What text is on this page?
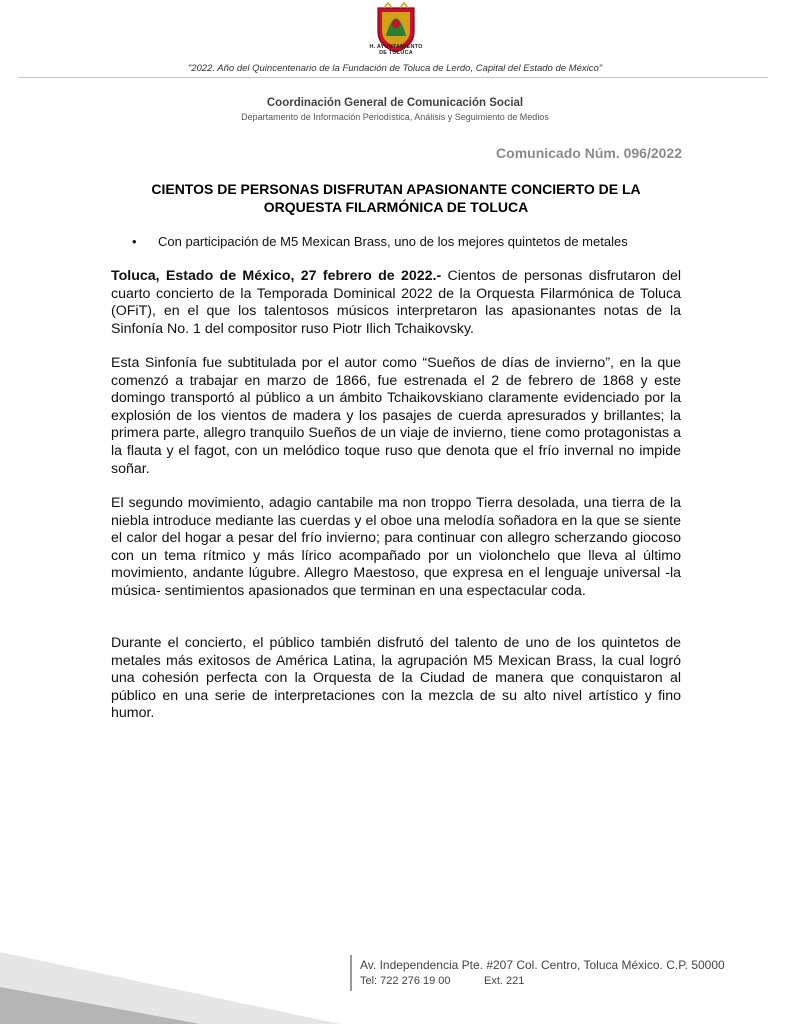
H. AYUNTAMIENTO
DE TOLUCA
"2022. Año del Quincentenario de la Fundación de Toluca de Lerdo, Capital del Estado de México"
Coordinación General de Comunicación Social
Departamento de Información Periodística, Análisis y Seguimiento de Medios
Comunicado Núm. 096/2022
CIENTOS DE PERSONAS DISFRUTAN APASIONANTE CONCIERTO DE LA
ORQUESTA FILARMÓNICA DE TOLUCA
• Con participación de M5 Mexican Brass, uno de los mejores quintetos de metales
Toluca, Estado de México, 27 febrero de 2022.- Cientos de personas disfrutaron del cuarto concierto de la Temporada Dominical 2022 de la Orquesta Filarmónica de Toluca (OFiT), en el que los talentosos músicos interpretaron las apasionantes notas de la Sinfonía No. 1 del compositor ruso Piotr Ilich Tchaikovsky.
Esta Sinfonía fue subtitulada por el autor como “Sueños de días de invierno”, en la que comenzó a trabajar en marzo de 1866, fue estrenada el 2 de febrero de 1868 y este domingo transportó al público a un ámbito Tchaikovskiano claramente evidenciado por la explosión de los vientos de madera y los pasajes de cuerda apresurados y brillantes; la primera parte, allegro tranquilo Sueños de un viaje de invierno, tiene como protagonistas a la flauta y el fagot, con un melódico toque ruso que denota que el frío invernal no impide soñar.
El segundo movimiento, adagio cantabile ma non troppo Tierra desolada, una tierra de la niebla introduce mediante las cuerdas y el oboe una melodía soñadora en la que se siente el calor del hogar a pesar del frío invierno; para continuar con allegro scherzando giocoso con un tema rítmico y más lírico acompañado por un violonchelo que lleva al último movimiento, andante lúgubre. Allegro Maestoso, que expresa en el lenguaje universal -la música- sentimientos apasionados que terminan en una espectacular coda.
Durante el concierto, el público también disfrutó del talento de uno de los quintetos de metales más exitosos de América Latina, la agrupación M5 Mexican Brass, la cual logró una cohesión perfecta con la Orquesta de la Ciudad de manera que conquistaron al público en una serie de interpretaciones con la mezcla de su alto nivel artístico y fino humor.
Av. Independencia Pte. #207 Col. Centro, Toluca México. C.P. 50000
Tel: 722 276 19 00	Ext. 221
